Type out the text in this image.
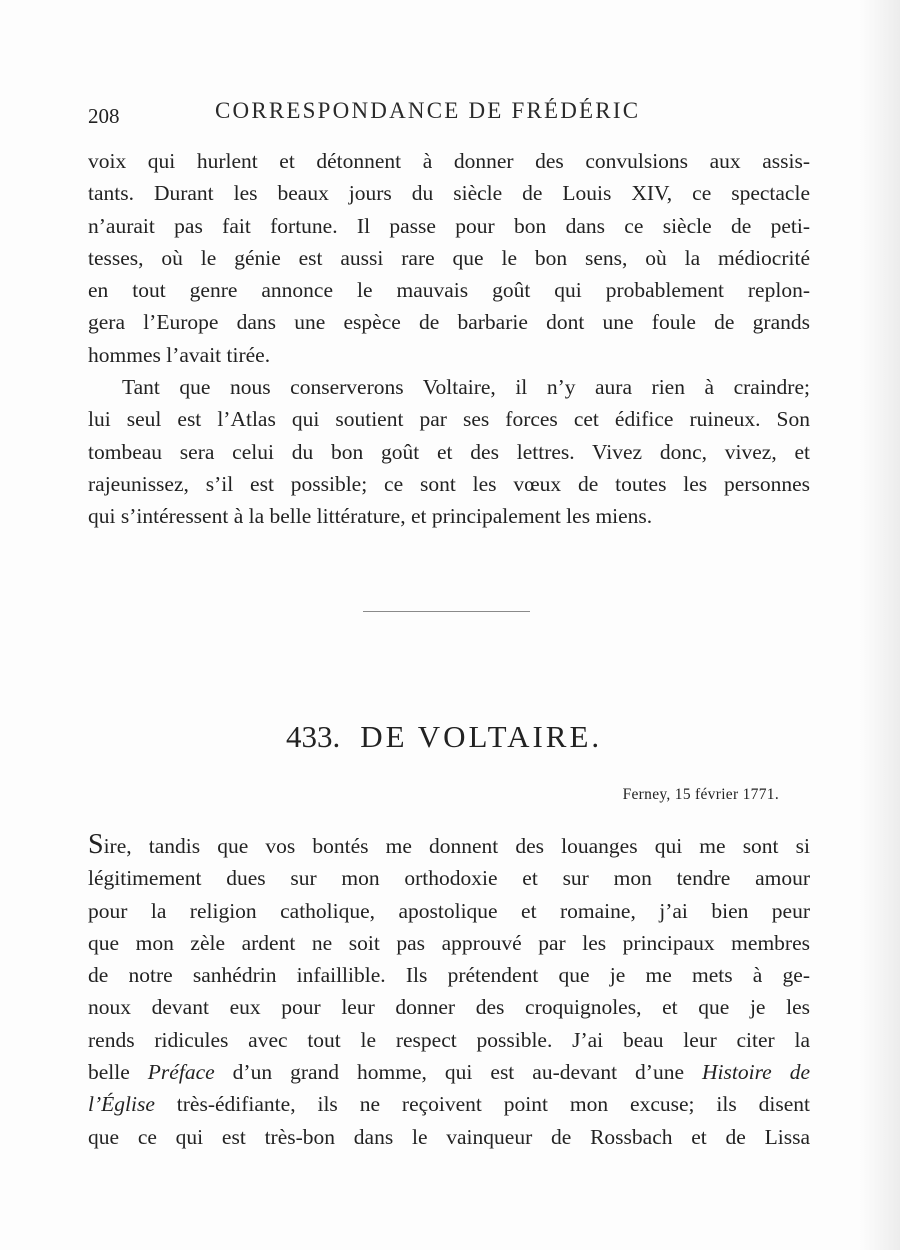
208	CORRESPONDANCE DE FRÉDÉRIC

voix qui hurlent et détonnent à donner des convulsions aux assis-
tants. Durant les beaux jours du siècle de Louis XIV, ce spectacle
n’aurait pas fait fortune. Il passe pour bon dans ce siècle de peti-
tesses, où le génie est aussi rare que le bon sens, où la médiocrité
en tout genre annonce le mauvais goût qui probablement replon-
gera l’Europe dans une espèce de barbarie dont une foule de grands
hommes l’avait tirée.

Tant que nous conserverons Voltaire, il n’y aura rien à craindre;
lui seul est l’Atlas qui soutient par ses forces cet édifice ruineux. Son
tombeau sera celui du bon goût et des lettres. Vivez donc, vivez, et
rajeunissez, s’il est possible; ce sont les vœux de toutes les personnes
qui s’intéressent à la belle littérature, et principalement les miens.

433. DE VOLTAIRE.
Ferney, 15 février 1771.
Sire, tandis que vos bontés me donnent des louanges qui me sont si
légitimement dues sur mon orthodoxie et sur mon tendre amour
pour la religion catholique, apostolique et romaine, j’ai bien peur
que mon zèle ardent ne soit pas approuvé par les principaux membres
de notre sanhédrin infaillible. Ils prétendent que je me mets à ge-
noux devant eux pour leur donner des croquignoles, et que je les
rends ridicules avec tout le respect possible. J’ai beau leur citer la
belle Préface d’un grand homme, qui est au-devant d’une Histoire de
l’Église très-édifiante, ils ne reçoivent point mon excuse; ils disent
que ce qui est très-bon dans le vainqueur de Rossbach et de Lissa
